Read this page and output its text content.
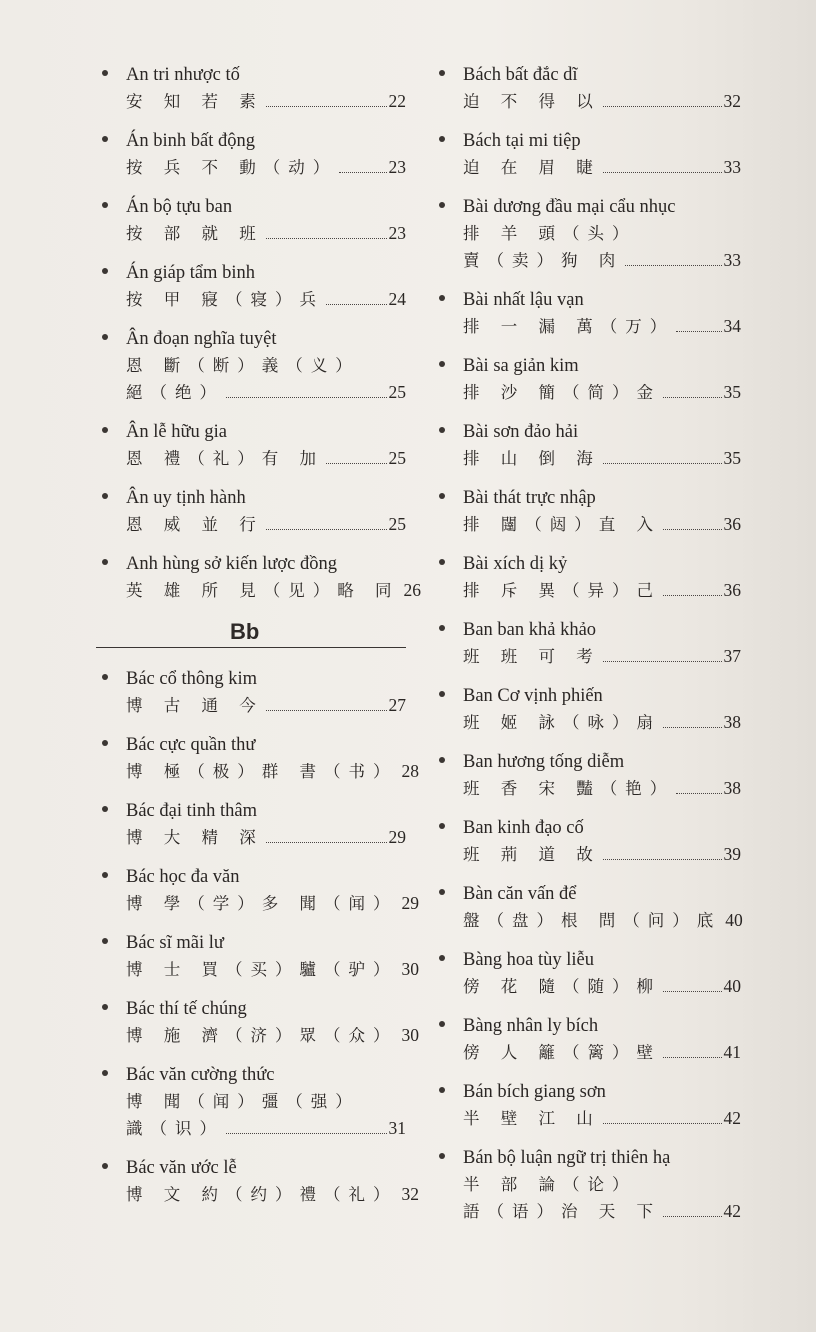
An tri nhược tố
安 知 若 素	22
Án binh bất động
按 兵 不 動（动）	23
Án bộ tựu ban
按 部 就 班	23
Án giáp tẩm binh
按 甲 寢（寝）兵	24
Ân đoạn nghĩa tuyệt
恩 斷（断）義（义）
絕（绝）	25
Ân lễ hữu gia
恩 禮（礼）有 加	25
Ân uy tịnh hành
恩 威 並 行	25
Anh hùng sở kiến lược đồng
英 雄 所 見（见）略 同 26
Bb
Bác cổ thông kim
博 古 通 今	27
Bác cực quần thư
博 極（极）群 書（书） 28
Bác đại tinh thâm
博 大 精 深	29
Bác học đa văn
博 學（学）多 聞（闻） 29
Bác sĩ mãi lư
博 士 買（买）驢（驴） 30
Bác thí tế chúng
博 施 濟（济）眾（众） 30
Bác văn cường thức
博 聞（闻）彊（强）
識（识）	31
Bác văn ước lễ
博 文 約（约）禮（礼） 32
Bách bất đắc dĩ
迫 不 得 以	32
Bách tại mi tiệp
迫 在 眉 睫	33
Bài dương đầu mại cẩu nhục
排 羊 頭（头）
賣（卖）狗 肉	33
Bài nhất lậu vạn
排 一 漏 萬（万）	34
Bài sa giản kim
排 沙 簡（简）金	35
Bài sơn đảo hải
排 山 倒 海	35
Bài thát trực nhập
排 闥（闼）直 入	36
Bài xích dị kỷ
排 斥 異（异）己	36
Ban ban khả khảo
班 班 可 考	37
Ban Cơ vịnh phiến
班 姬 詠（咏）扇	38
Ban hương tống diễm
班 香 宋 豔（艳）	38
Ban kinh đạo cố
班 荊 道 故	39
Bàn căn vấn để
盤（盘）根 問（问）底 40
Bàng hoa tùy liễu
傍 花 隨（随）柳	40
Bàng nhân ly bích
傍 人 籬（篱）壁	41
Bán bích giang sơn
半 壁 江 山	42
Bán bộ luận ngữ trị thiên hạ
半 部 論（论）
語（语）治 天 下	42
